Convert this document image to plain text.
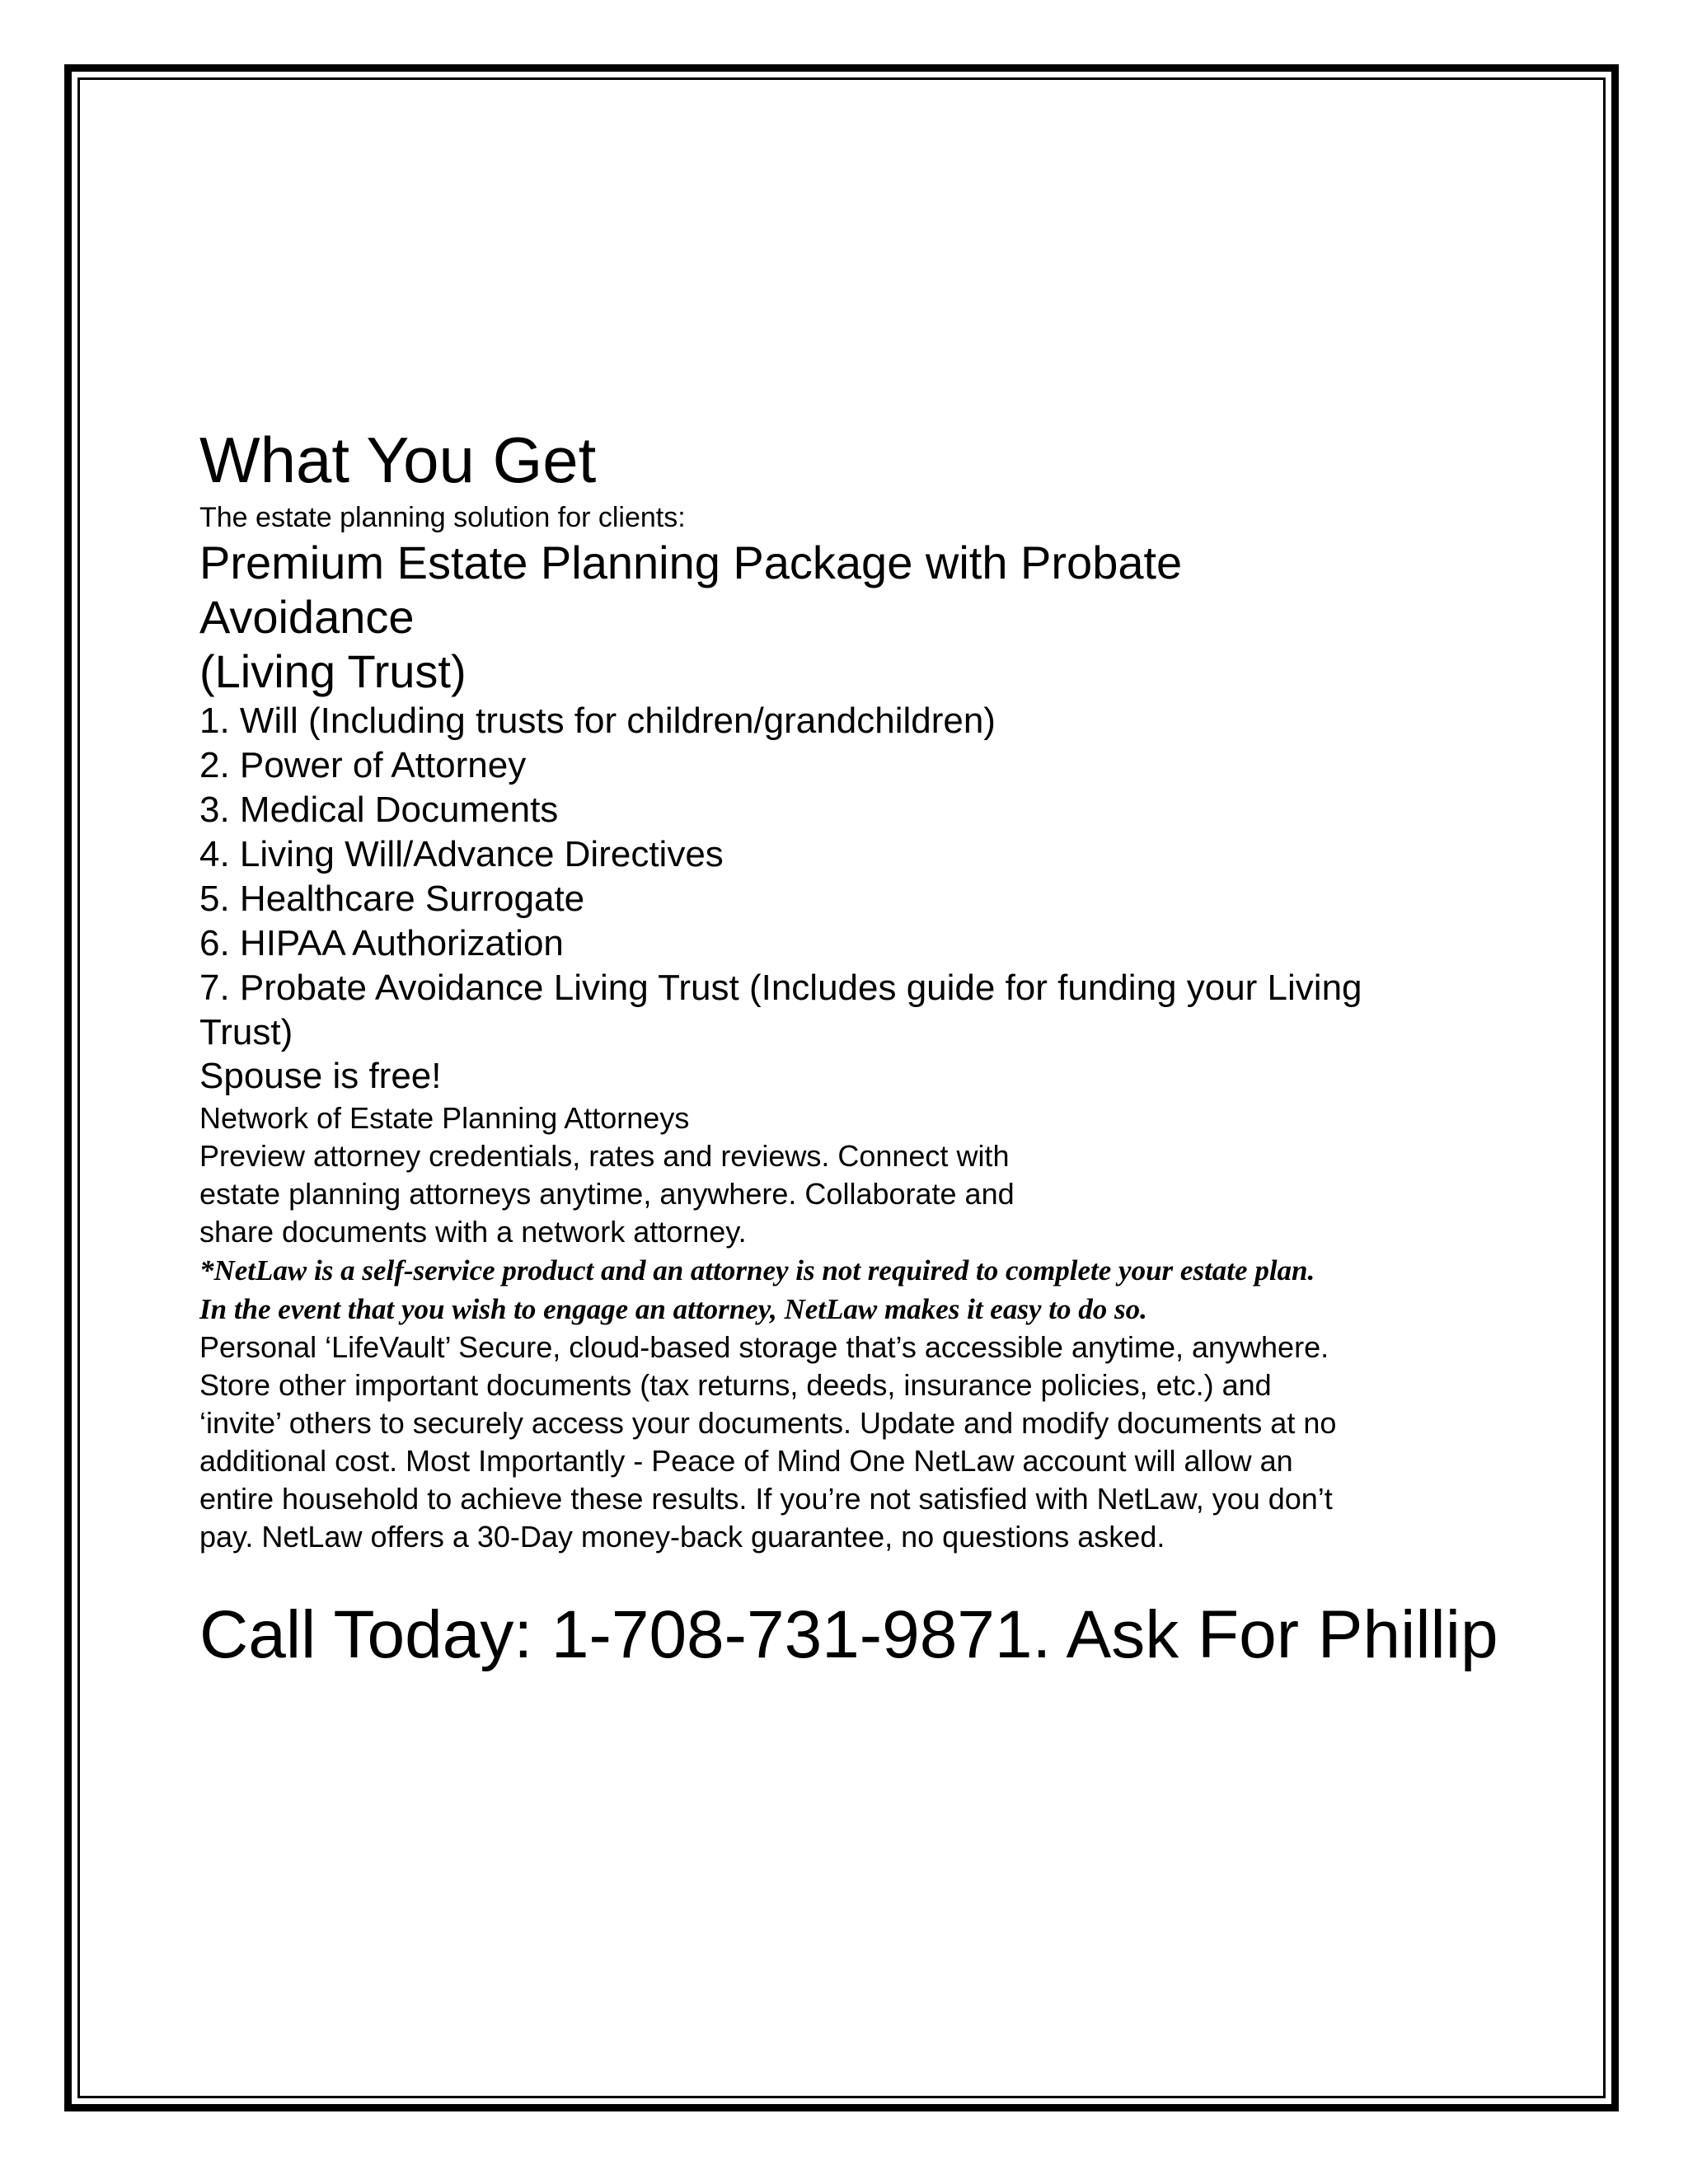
What You Get
The estate planning solution for clients:
Premium Estate Planning Package with Probate
Avoidance
(Living Trust)
1. Will (Including trusts for children/grandchildren)
2. Power of Attorney
3. Medical Documents
4. Living Will/Advance Directives
5. Healthcare Surrogate
6. HIPAA Authorization
7. Probate Avoidance Living Trust (Includes guide for funding your Living
Trust)
Spouse is free!
Network of Estate Planning Attorneys
Preview attorney credentials, rates and reviews. Connect with
estate planning attorneys anytime, anywhere. Collaborate and
share documents with a network attorney.
*NetLaw is a self-service product and an attorney is not required to complete your estate plan.
In the event that you wish to engage an attorney, NetLaw makes it easy to do so.
Personal ‘LifeVault’ Secure, cloud-based storage that’s accessible anytime, anywhere.
Store other important documents (tax returns, deeds, insurance policies, etc.) and
‘invite’ others to securely access your documents. Update and modify documents at no
additional cost. Most Importantly - Peace of Mind One NetLaw account will allow an
entire household to achieve these results. If you’re not satisfied with NetLaw, you don’t
pay. NetLaw offers a 30-Day money-back guarantee, no questions asked.
Call Today: 1-708-731-9871. Ask For Phillip
